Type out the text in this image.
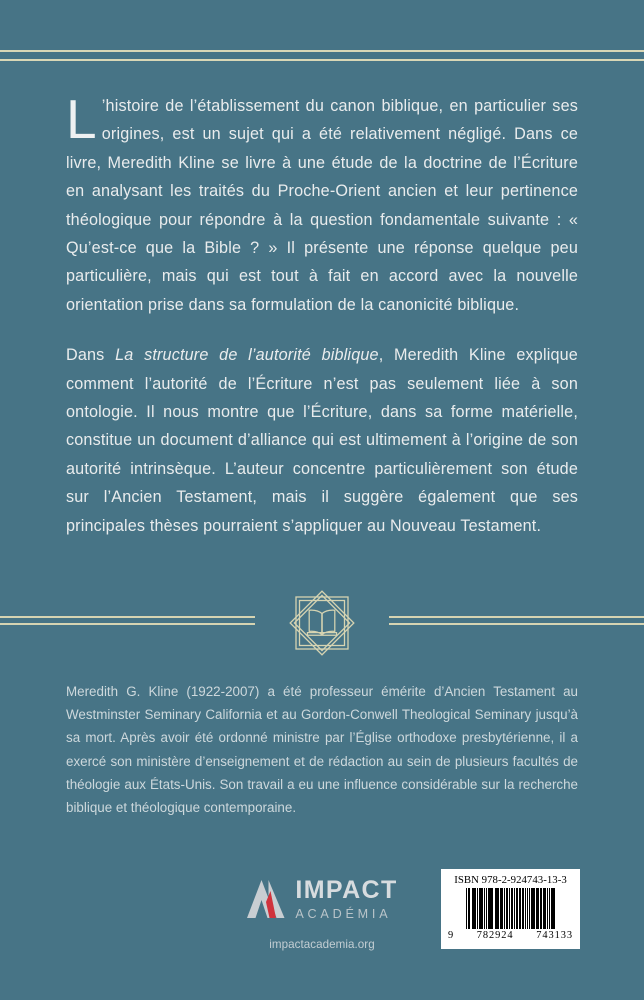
L ’histoire de l’établissement du canon biblique, en particulier ses origines, est un sujet qui a été relativement négligé. Dans ce livre, Meredith Kline se livre à une étude de la doctrine de l’Écriture en analysant les traités du Proche-Orient ancien et leur pertinence théologique pour répondre à la question fondamentale suivante : « Qu’est-ce que la Bible ? » Il présente une réponse quelque peu particulière, mais qui est tout à fait en accord avec la nouvelle orientation prise dans sa formulation de la canonicité biblique.

Dans La structure de l’autorité biblique, Meredith Kline explique comment l’autorité de l’Écriture n’est pas seulement liée à son ontologie. Il nous montre que l’Écriture, dans sa forme matérielle, constitue un document d’alliance qui est ultimement à l’origine de son autorité intrinsèque. L’auteur concentre particulièrement son étude sur l’Ancien Testament, mais il suggère également que ses principales thèses pourraient s’appliquer au Nouveau Testament.

Meredith G. Kline (1922-2007) a été professeur émérite d’Ancien Testament au Westminster Seminary California et au Gordon-Conwell Theological Seminary jusqu’à sa mort. Après avoir été ordonné ministre par l’Église orthodoxe presbytérienne, il a exercé son ministère d’enseignement et de rédaction au sein de plusieurs facultés de théologie aux États-Unis. Son travail a eu une influence considérable sur la recherche biblique et théologique contemporaine.

IMPACT
ACADÉMIA
impactacademia.org
ISBN 978-2-924743-13-3
9 782924 743133
